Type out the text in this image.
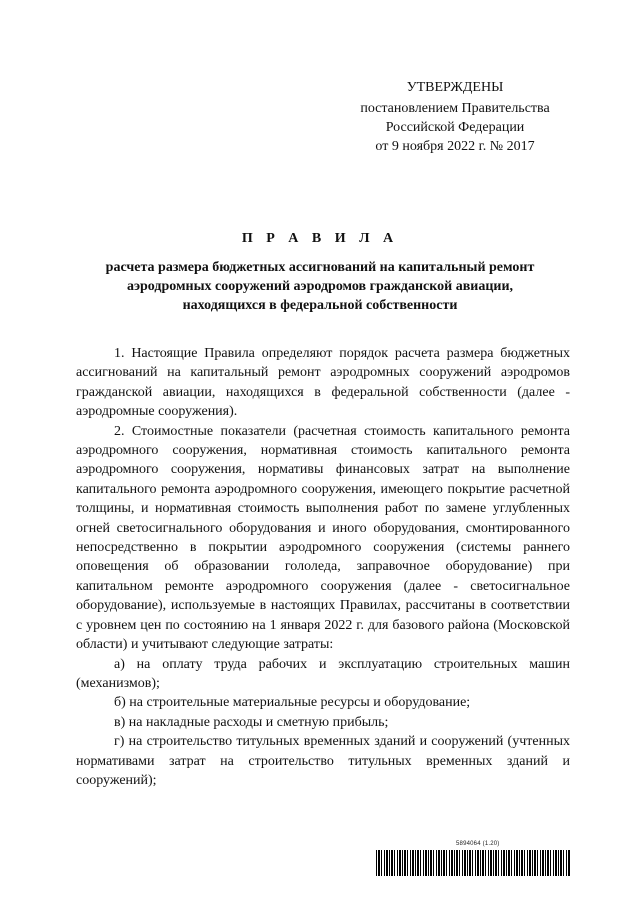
УТВЕРЖДЕНЫ
постановлением Правительства
Российской Федерации
от 9 ноября 2022 г. № 2017
П Р А В И Л А
расчета размера бюджетных ассигнований на капитальный ремонт
аэродромных сооружений аэродромов гражданской авиации,
находящихся в федеральной собственности

1. Настоящие Правила определяют порядок расчета размера бюджетных ассигнований на капитальный ремонт аэродромных сооружений аэродромов гражданской авиации, находящихся в федеральной собственности (далее - аэродромные сооружения).

2. Стоимостные показатели (расчетная стоимость капитального ремонта аэродромного сооружения, нормативная стоимость капитального ремонта аэродромного сооружения, нормативы финансовых затрат на выполнение капитального ремонта аэродромного сооружения, имеющего покрытие расчетной толщины, и нормативная стоимость выполнения работ по замене углубленных огней светосигнального оборудования и иного оборудования, смонтированного непосредственно в покрытии аэродромного сооружения (системы раннего оповещения об образовании гололеда, заправочное оборудование) при капитальном ремонте аэродромного сооружения (далее - светосигнальное оборудование), используемые в настоящих Правилах, рассчитаны в соответствии с уровнем цен по состоянию на 1 января 2022 г. для базового района (Московской области) и учитывают следующие затраты:

а) на оплату труда рабочих и эксплуатацию строительных машин (механизмов);

б) на строительные материальные ресурсы и оборудование;

в) на накладные расходы и сметную прибыль;

г) на строительство титульных временных зданий и сооружений (учтенных нормативами затрат на строительство титульных временных зданий и сооружений);

5894064 (1.20)
